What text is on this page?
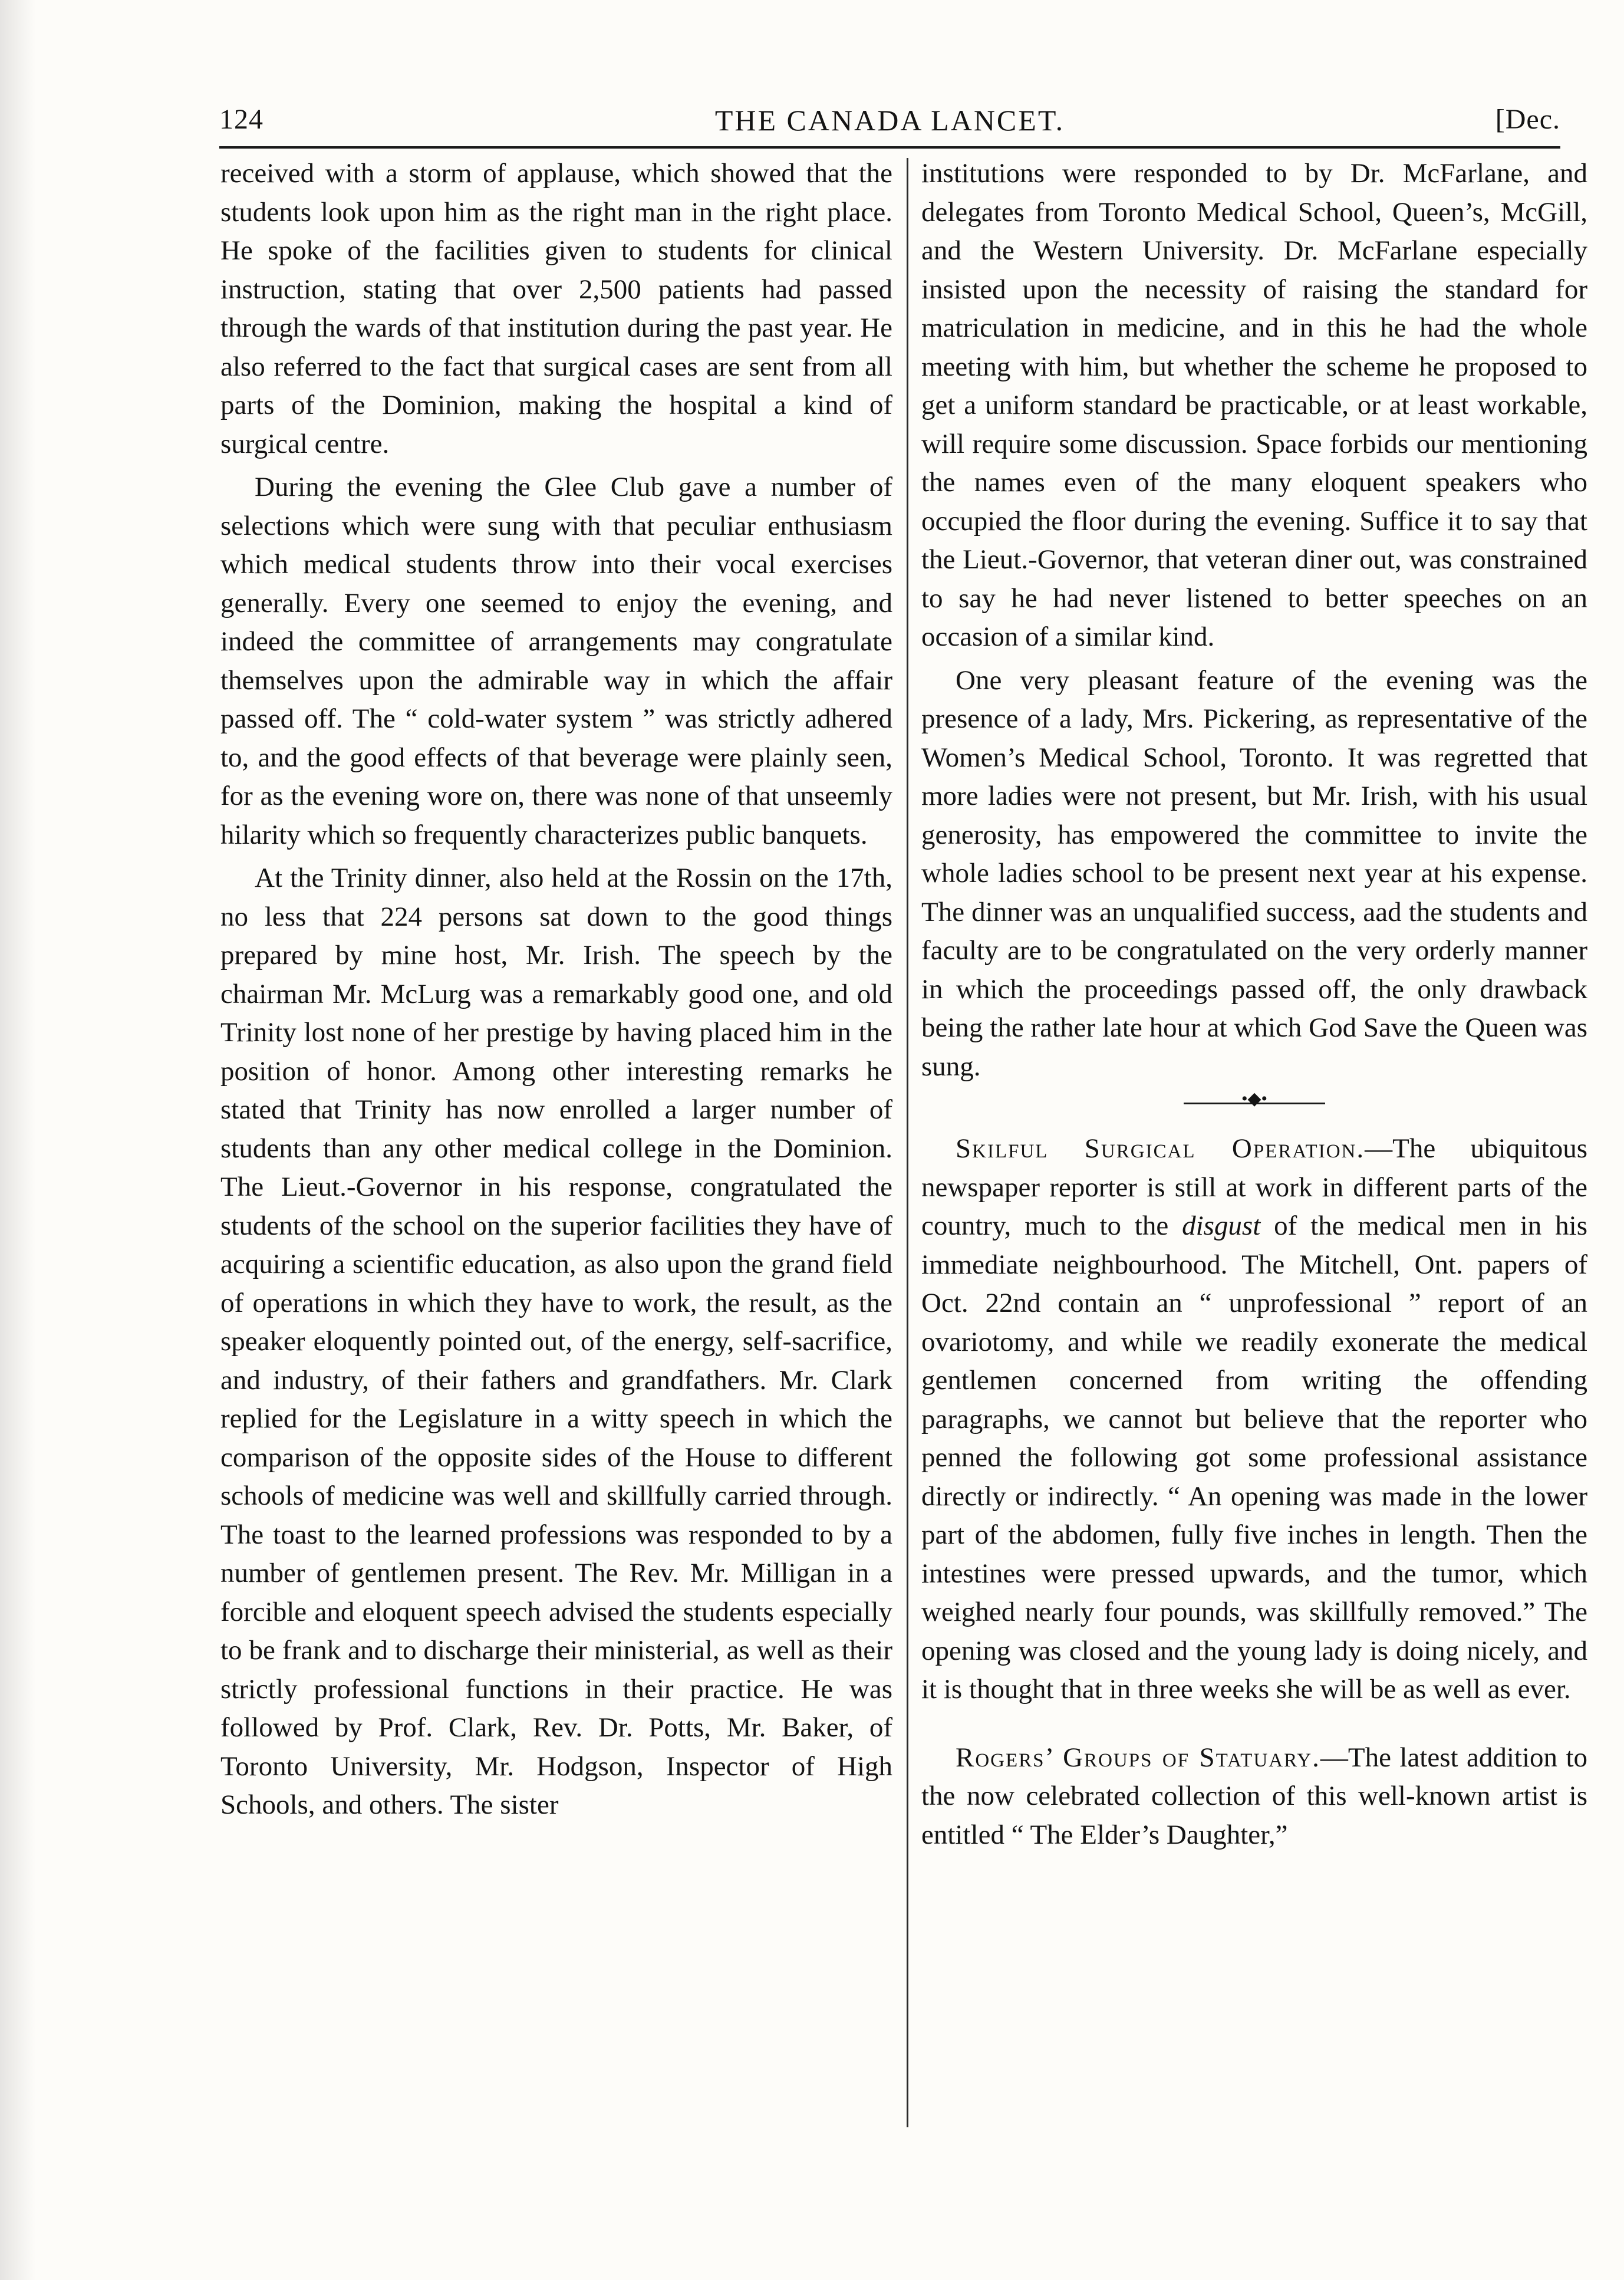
124	THE CANADA LANCET.	[Dec.

received with a storm of applause, which showed that the students look upon him as the right man in the right place. He spoke of the facilities given to students for clinical instruction, stating that over 2,500 patients had passed through the wards of that institution during the past year. He also referred to the fact that surgical cases are sent from all parts of the Dominion, making the hospital a kind of surgical centre.

During the evening the Glee Club gave a number of selections which were sung with that peculiar enthusiasm which medical students throw into their vocal exercises generally. Every one seemed to enjoy the evening, and indeed the committee of arrangements may congratulate themselves upon the admirable way in which the affair passed off. The “ cold-water system ” was strictly adhered to, and the good effects of that beverage were plainly seen, for as the evening wore on, there was none of that unseemly hilarity which so frequently characterizes public banquets.

At the Trinity dinner, also held at the Rossin on the 17th, no less that 224 persons sat down to the good things prepared by mine host, Mr. Irish. The speech by the chairman Mr. McLurg was a remarkably good one, and old Trinity lost none of her prestige by having placed him in the position of honor. Among other interesting remarks he stated that Trinity has now enrolled a larger number of students than any other medical college in the Dominion. The Lieut.-Governor in his response, congratulated the students of the school on the superior facilities they have of acquiring a scientific education, as also upon the grand field of operations in which they have to work, the result, as the speaker eloquently pointed out, of the energy, self-sacrifice, and industry, of their fathers and grandfathers. Mr. Clark replied for the Legislature in a witty speech in which the comparison of the opposite sides of the House to different schools of medicine was well and skillfully carried through. The toast to the learned professions was responded to by a number of gentlemen present. The Rev. Mr. Milligan in a forcible and eloquent speech advised the students especially to be frank and to discharge their ministerial, as well as their strictly professional functions in their practice. He was followed by Prof. Clark, Rev. Dr. Potts, Mr. Baker, of Toronto University, Mr. Hodgson, Inspector of High Schools, and others. The sister

institutions were responded to by Dr. McFarlane, and delegates from Toronto Medical School, Queen’s, McGill, and the Western University. Dr. McFarlane especially insisted upon the necessity of raising the standard for matriculation in medicine, and in this he had the whole meeting with him, but whether the scheme he proposed to get a uniform standard be practicable, or at least workable, will require some discussion. Space forbids our mentioning the names even of the many eloquent speakers who occupied the floor during the evening. Suffice it to say that the Lieut.-Governor, that veteran diner out, was constrained to say he had never listened to better speeches on an occasion of a similar kind.

One very pleasant feature of the evening was the presence of a lady, Mrs. Pickering, as representative of the Women’s Medical School, Toronto. It was regretted that more ladies were not present, but Mr. Irish, with his usual generosity, has empowered the committee to invite the whole ladies school to be present next year at his expense. The dinner was an unqualified success, aad the students and faculty are to be congratulated on the very orderly manner in which the proceedings passed off, the only drawback being the rather late hour at which God Save the Queen was sung.

•◆•

Skilful Surgical Operation.—The ubiquitous newspaper reporter is still at work in different parts of the country, much to the disgust of the medical men in his immediate neighbourhood. The Mitchell, Ont. papers of Oct. 22nd contain an “ unprofessional ” report of an ovariotomy, and while we readily exonerate the medical gentlemen concerned from writing the offending paragraphs, we cannot but believe that the reporter who penned the following got some professional assistance directly or indirectly. “ An opening was made in the lower part of the abdomen, fully five inches in length. Then the intestines were pressed upwards, and the tumor, which weighed nearly four pounds, was skillfully removed.” The opening was closed and the young lady is doing nicely, and it is thought that in three weeks she will be as well as ever.

Rogers’ Groups of Statuary.—The latest addition to the now celebrated collection of this well-known artist is entitled “ The Elder’s Daughter,”
